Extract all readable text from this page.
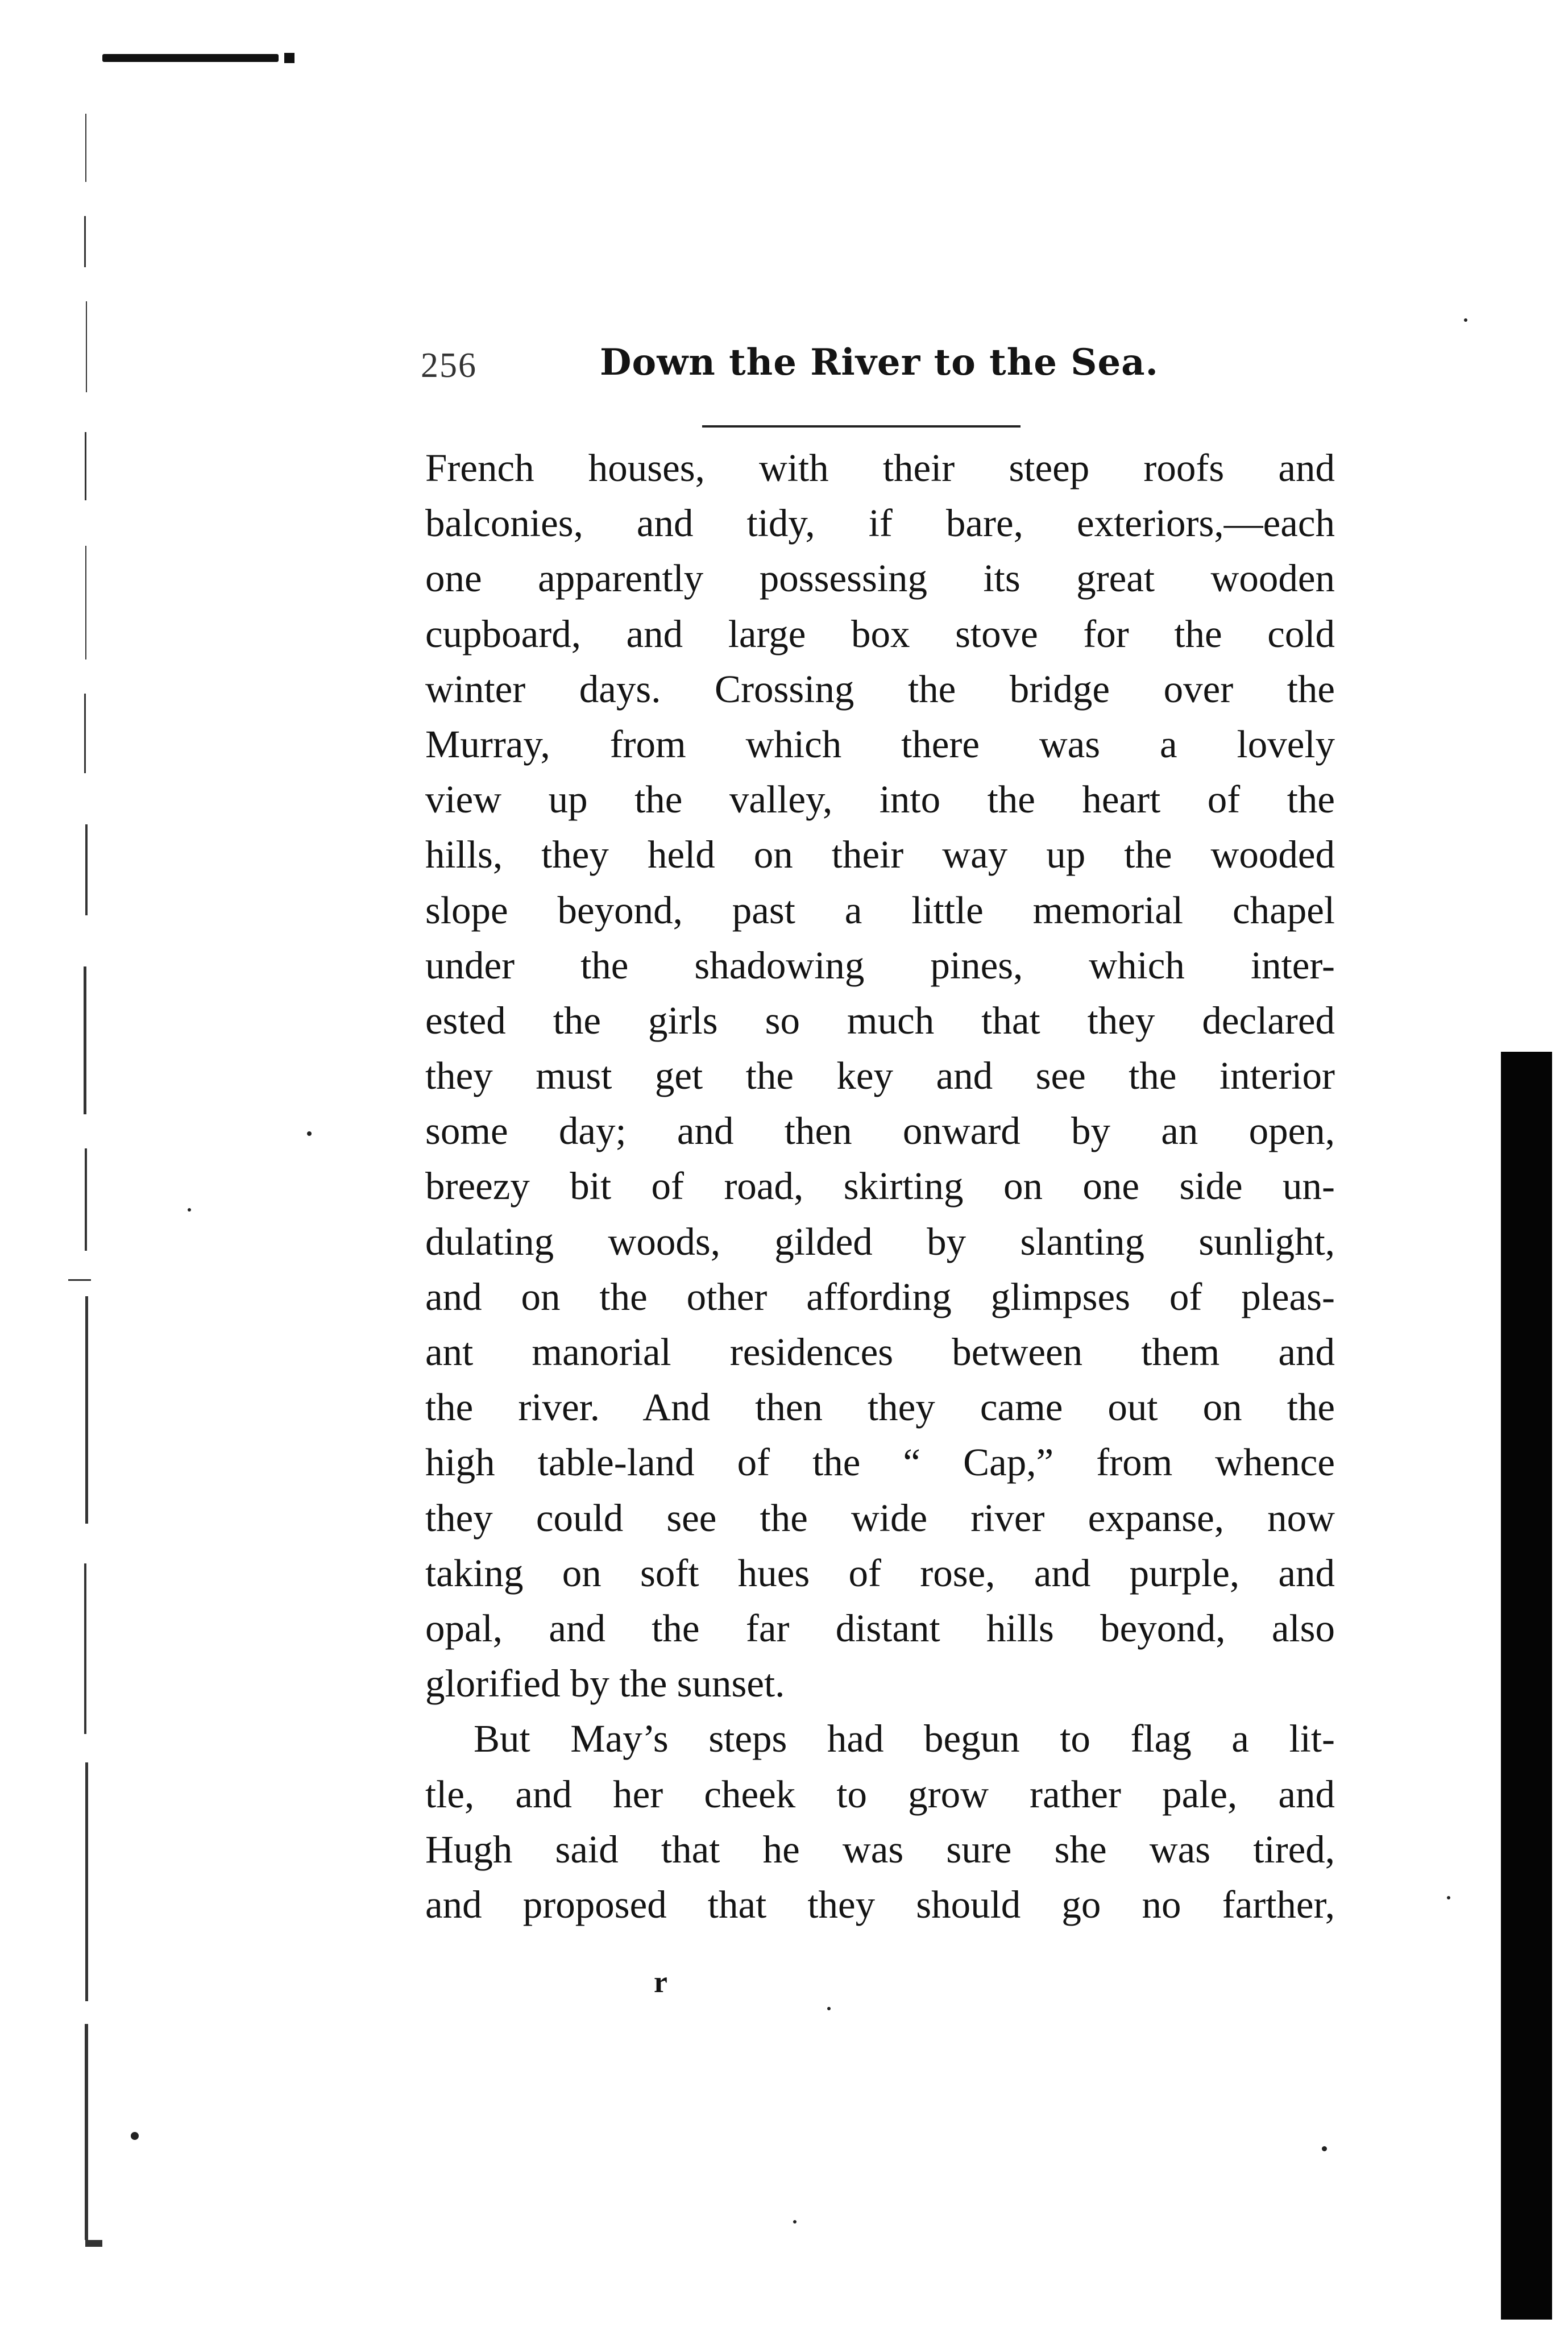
256	Down the River to the Sea.
French houses, with their steep roofs and
balconies, and tidy, if bare, exteriors,—each
one apparently possessing its great wooden
cupboard, and large box stove for the cold
winter days. Crossing the bridge over the
Murray, from which there was a lovely
view up the valley, into the heart of the
hills, they held on their way up the wooded
slope beyond, past a little memorial chapel
under the shadowing pines, which inter-
ested the girls so much that they declared
they must get the key and see the interior
some day; and then onward by an open,
breezy bit of road, skirting on one side un-
dulating woods, gilded by slanting sunlight,
and on the other affording glimpses of pleas-
ant manorial residences between them and
the river. And then they came out on the
high table-land of the “ Cap,” from whence
they could see the wide river expanse, now
taking on soft hues of rose, and purple, and
opal, and the far distant hills beyond, also
glorified by the sunset.
But May’s steps had begun to flag a lit-
tle, and her cheek to grow rather pale, and
Hugh said that he was sure she was tired,
and proposed that they should go no farther,
r
